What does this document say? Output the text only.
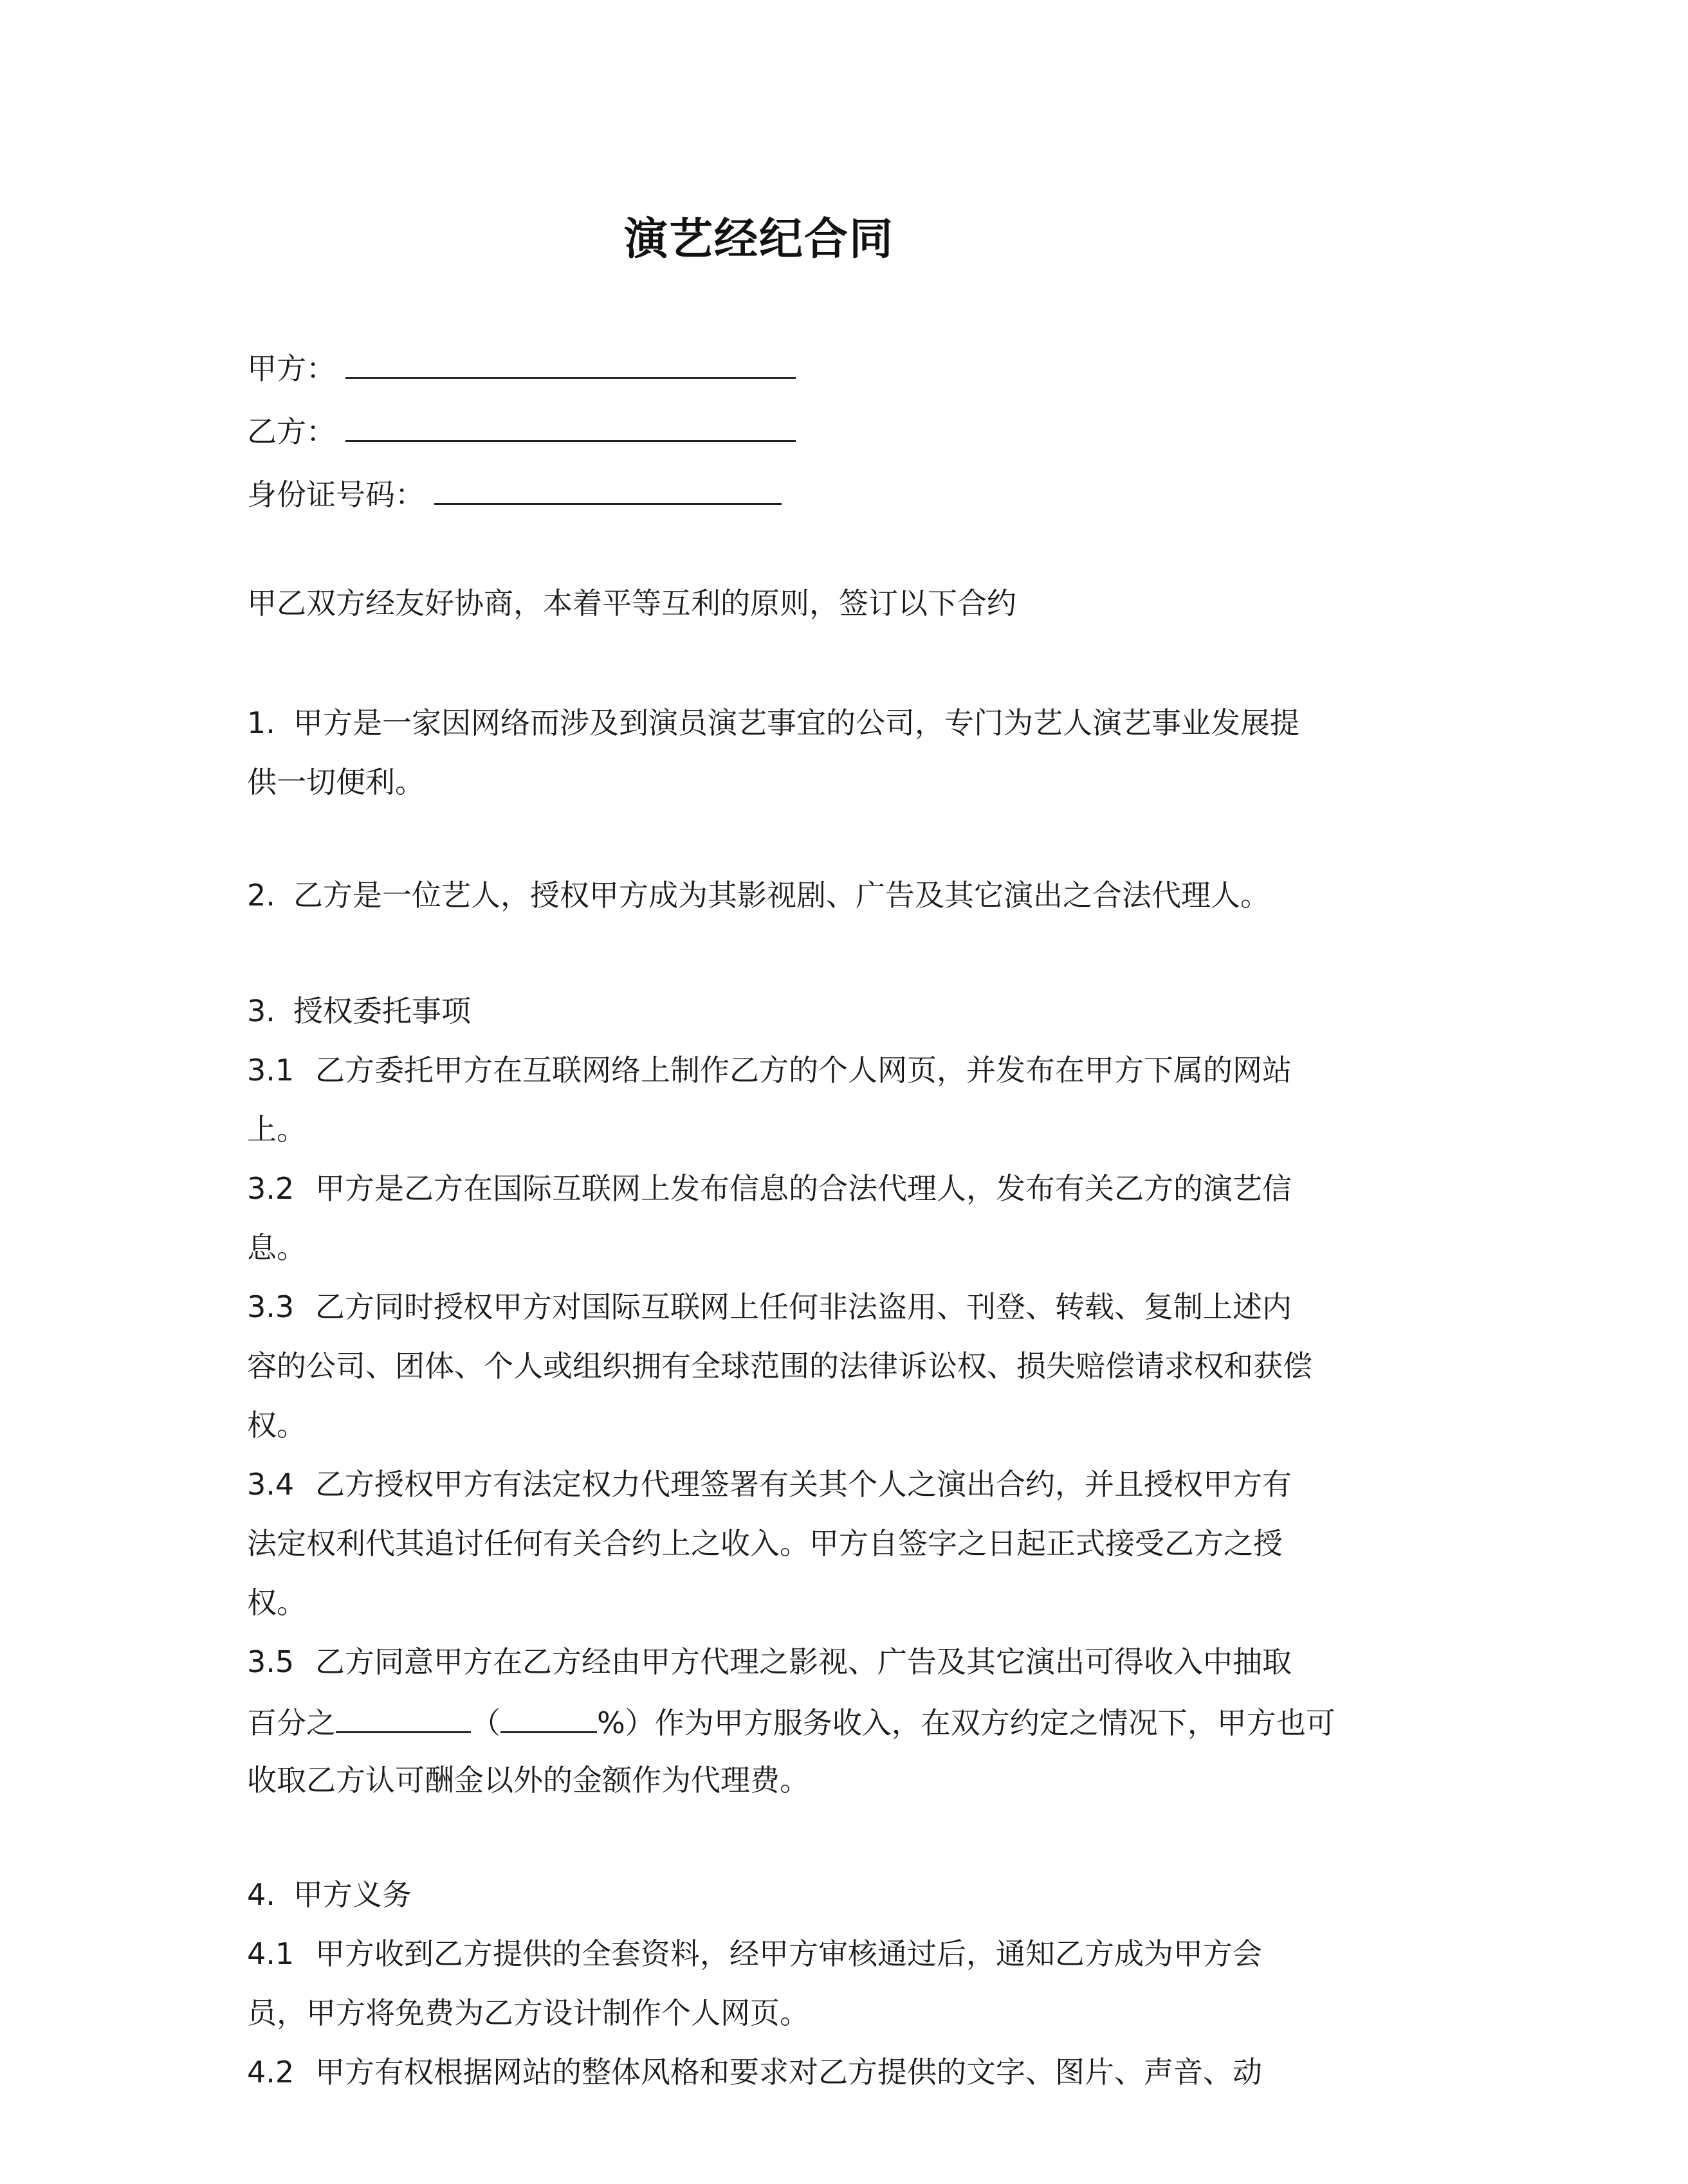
演艺经纪合同
甲方：
乙方：
身份证号码：
甲乙双方经友好协商，本着平等互利的原则，签订以下合约
1. 甲方是一家因网络而涉及到演员演艺事宜的公司，专门为艺人演艺事业发展提
供一切便利。
2. 乙方是一位艺人，授权甲方成为其影视剧、广告及其它演出之合法代理人。
3. 授权委托事项
3.1 乙方委托甲方在互联网络上制作乙方的个人网页，并发布在甲方下属的网站
上。
3.2 甲方是乙方在国际互联网上发布信息的合法代理人，发布有关乙方的演艺信
息。
3.3 乙方同时授权甲方对国际互联网上任何非法盗用、刊登、转载、复制上述内
容的公司、团体、个人或组织拥有全球范围的法律诉讼权、损失赔偿请求权和获偿
权。
3.4 乙方授权甲方有法定权力代理签署有关其个人之演出合约，并且授权甲方有
法定权利代其追讨任何有关合约上之收入。甲方自签字之日起正式接受乙方之授
权。
3.5 乙方同意甲方在乙方经由甲方代理之影视、广告及其它演出可得收入中抽取
百分之	（	%）作为甲方服务收入，在双方约定之情况下，甲方也可
收取乙方认可酬金以外的金额作为代理费。
4. 甲方义务
4.1 甲方收到乙方提供的全套资料，经甲方审核通过后，通知乙方成为甲方会
员，甲方将免费为乙方设计制作个人网页。
4.2 甲方有权根据网站的整体风格和要求对乙方提供的文字、图片、声音、动
